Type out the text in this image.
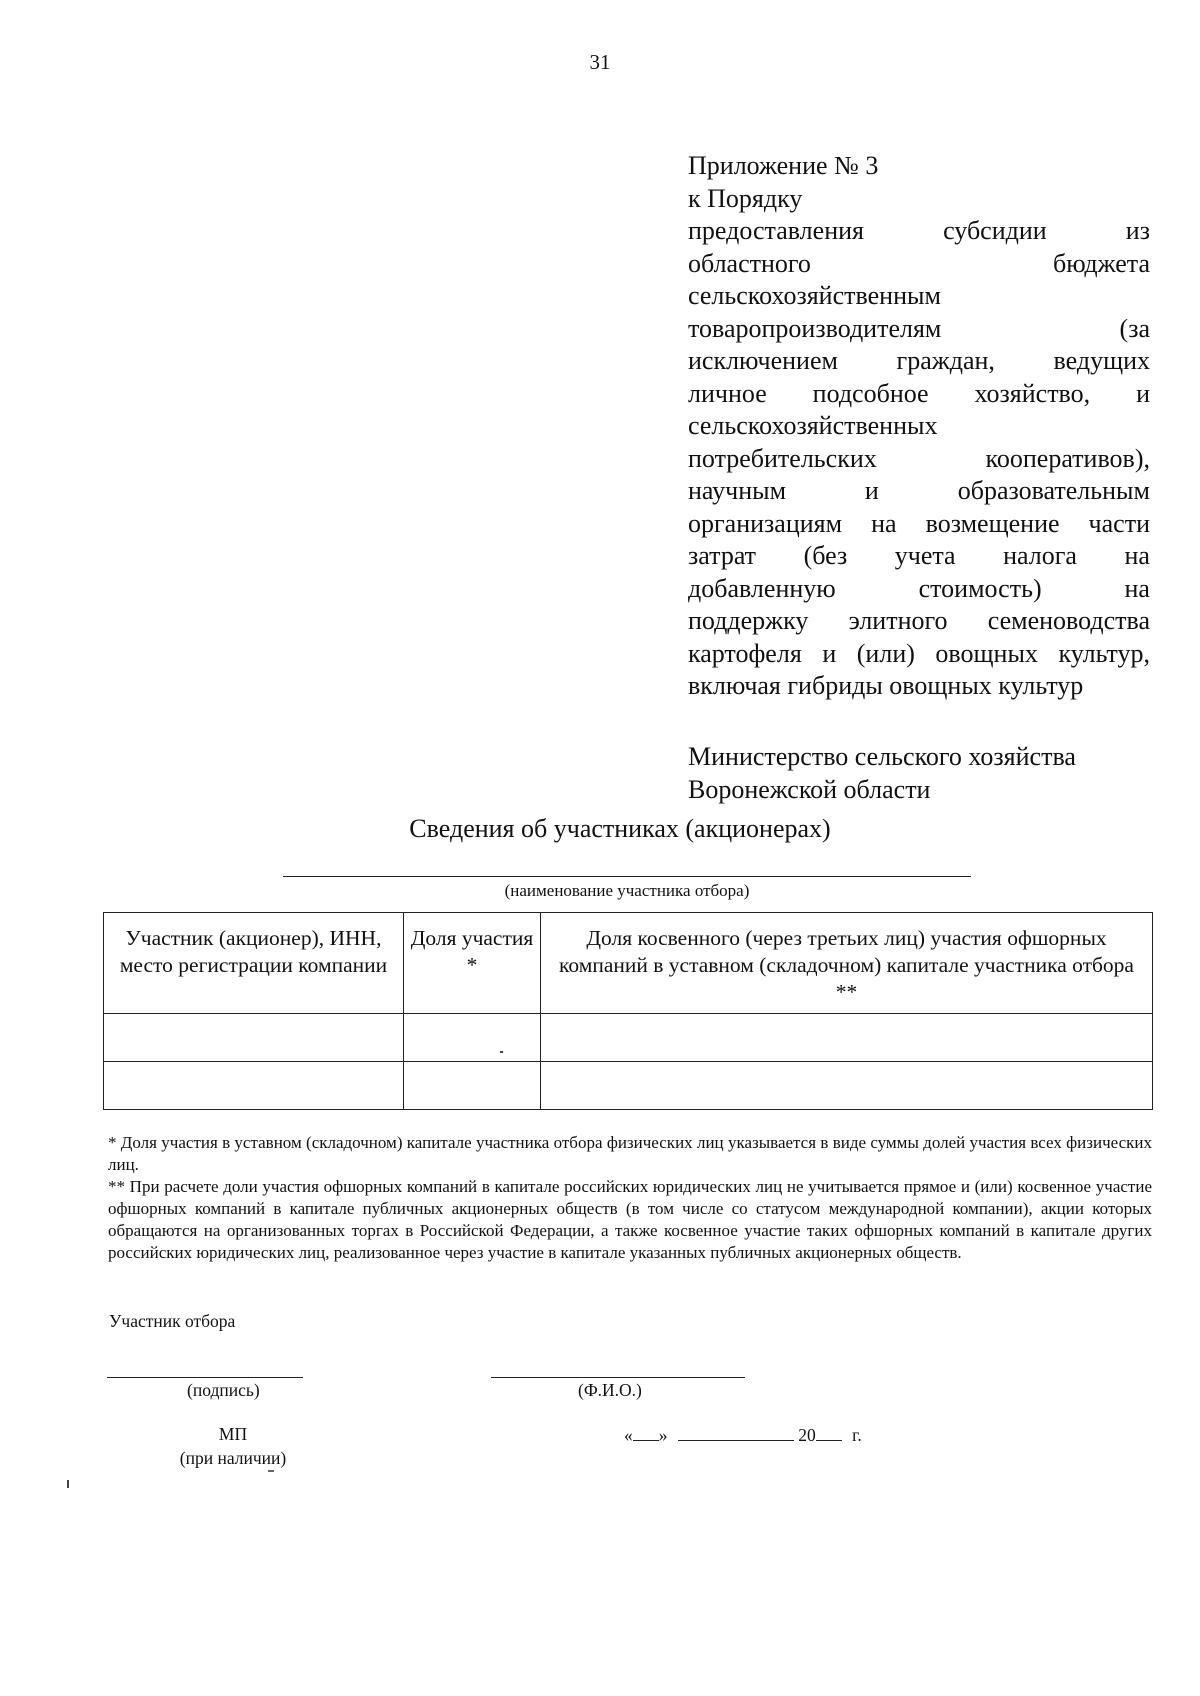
31
Приложение № 3
к Порядку
предоставления	субсидии	из
областного	бюджета
сельскохозяйственным
товаропроизводителям	(за
исключением граждан, ведущих
личное подсобное хозяйство, и
сельскохозяйственных
потребительских	кооперативов),
научным	и	образовательным
организациям на возмещение части
затрат (без учета налога на
добавленную	стоимость)	на
поддержку элитного семеноводства
картофеля и (или) овощных культур,
включая гибриды овощных культур
Министерство сельского хозяйства
Воронежской области
Сведения об участниках (акционерах)
(наименование участника отбора)
Участник (акционер), ИНН, место регистрации компании	Доля участия *	Доля косвенного (через третьих лиц) участия офшорных компаний в уставном (складочном) капитале участника отбора **

* Доля участия в уставном (складочном) капитале участника отбора физических лиц указывается в виде суммы долей участия всех физических лиц.

** При расчете доли участия офшорных компаний в капитале российских юридических лиц не учитывается прямое и (или) косвенное участие офшорных компаний в капитале публичных акционерных обществ (в том числе со статусом международной компании), акции которых обращаются на организованных торгах в Российской Федерации, а также косвенное участие таких офшорных компаний в капитале других российских юридических лиц, реализованное через участие в капитале указанных публичных акционерных обществ.

Участник отбора
(подпись)	(Ф.И.О.)
МП
(при наличии)
« »	20 г.
